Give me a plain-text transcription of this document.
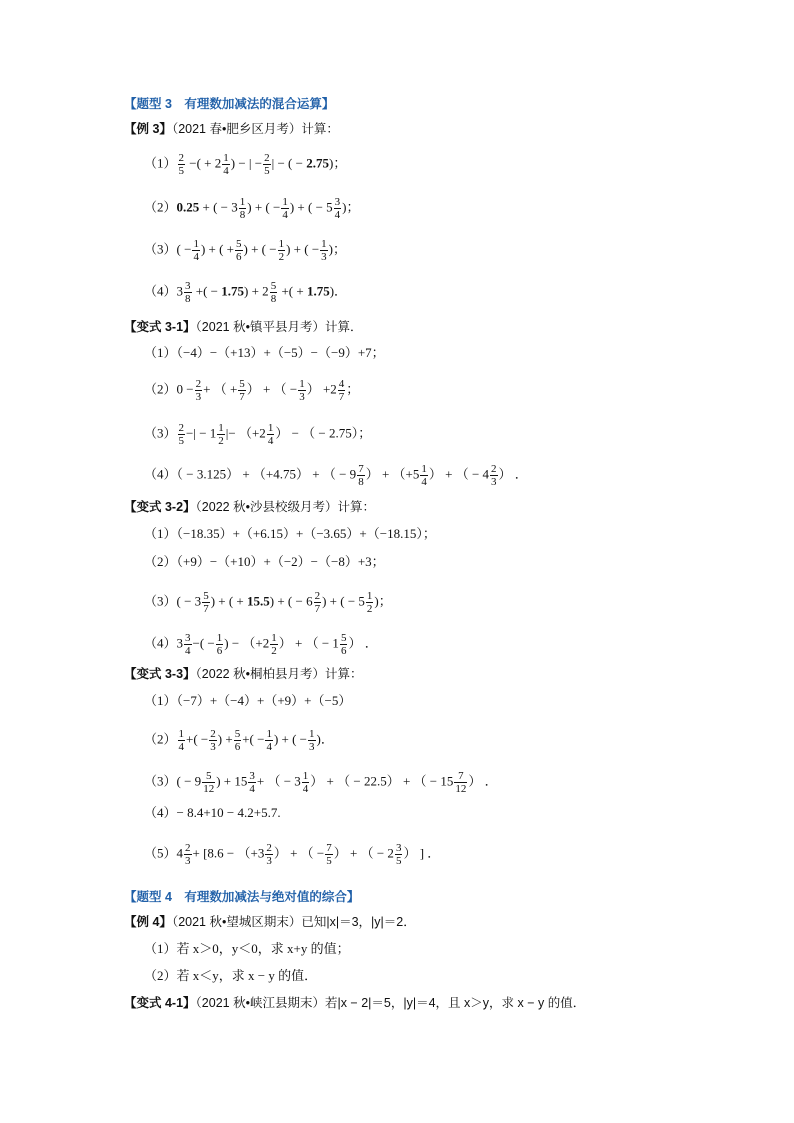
【题型 3　有理数加减法的混合运算】
【例 3】（2021 春•肥乡区月考）计算：
$(1) \frac{2}{5}$ −( + $2 \frac{1}{4}$ ) − | − $\frac{2}{5}$ | − ( − 2.75)；
（2）0.25 + ( − $3 \frac{1}{8}$ ) + ( − $\frac{1}{4}$ ) + ( − $5 \frac{3}{4}$ )；
$(3)( - \frac{1}{4}$ ) + ( + $\frac{5}{6}$ ) + ( − $\frac{1}{2}$ ) + ( − $\frac{1}{3}$ )；
$(4)3 \frac{3}{8}$ +( − $1.75) + 2 \frac{5}{8}$ +( + 1.75)．
【变式 3-1】（2021 秋•镇平县月考）计算．
（1）（−4）−（+13）+（−5）−（−9）+7；
$(2)0 - \frac{2}{3}$ + （ + $\frac{5}{7}$ ） + （ − $\frac{1}{3}$ ） $+2 \frac{4}{7}$ ；
$(3) \frac{2}{5}$ −| − $1 \frac{1}{2}$ |− （$+2 \frac{1}{4}$ ） − （ − 2.75）；
（4）（ − 3.125） + （+4.75） + （ − $9 \frac{7}{8}$ ） + （$+5 \frac{1}{4}$ ） + （ − $4 \frac{2}{3}$ ） ．
【变式 3-2】（2022 秋•沙县校级月考）计算：
（1）（−18.35）+（+6.15）+（−3.65）+（−18.15）；
（2）（+9）−（+10）+（−2）−（−8）+3；
$(3)( - 3 \frac{5}{7}$ ) + ( + 15.5) + ( − $6 \frac{2}{7}$ ) + ( − $5 \frac{1}{2}$ )；
$(4)3 \frac{3}{4}$ −( − $\frac{1}{6}$ ) − （$+2 \frac{1}{2}$ ） + （ − $1 \frac{5}{6}$ ） ．
【变式 3-3】（2022 秋•桐柏县月考）计算：
（1）（−7）+（−4）+（+9）+（−5）
$(2) \frac{1}{4}$ +( − $\frac{2}{3}$ ) + $\frac{5}{6}$ +( − $\frac{1}{4}$ ) + ( − $\frac{1}{3}$ )．
$(3)( - 9 \frac{5}{12}$ ) + $15 \frac{3}{4}$ + （ − $3 \frac{1}{4}$ ） + （ − 22.5） + （ − $15 \frac{7}{12}$ ） ．
（4）− 8.4+10 − 4.2+5.7.
$(5)4 \frac{2}{3} + [8.6 - (+3 \frac{2}{3}$ ） + （ − $\frac{7}{5}$ ） + （ − $2 \frac{3}{5}$ ） ] ．
【题型 4　有理数加减法与绝对值的综合】
【例 4】（2021 秋•望城区期末）已知|x|＝3，|y|＝2．
（1）若 x＞0，y＜0，求 x+y 的值；
（2）若 x＜y，求 x − y 的值．
【变式 4-1】（2021 秋•峡江县期末）若|x − 2|＝5，|y|＝4，且 x＞y，求 x − y 的值．
